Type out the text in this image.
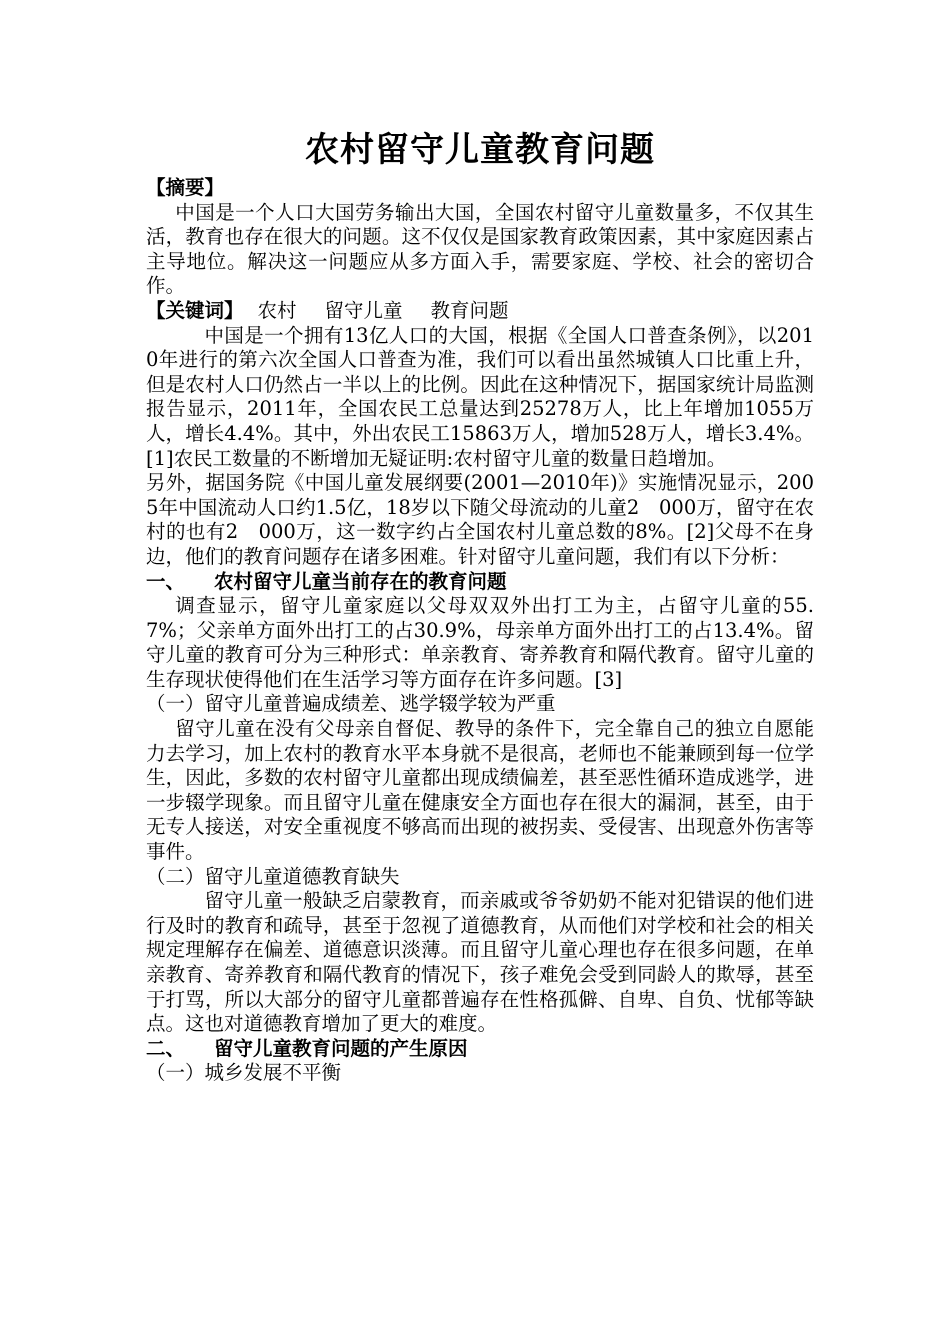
农村留守儿童教育问题

【摘要】

中国是一个人口大国劳务输出大国，全国农村留守儿童数量多，不仅其生活，教育也存在很大的问题。这不仅仅是国家教育政策因素，其中家庭因素占主导地位。解决这一问题应从多方面入手，需要家庭、学校、社会的密切合作。

【关键词】 农村 留守儿童 教育问题

中国是一个拥有13亿人口的大国，根据《全国人口普查条例》，以2010年进行的第六次全国人口普查为准，我们可以看出虽然城镇人口比重上升，但是农村人口仍然占一半以上的比例。因此在这种情况下，据国家统计局监测报告显示，2011年，全国农民工总量达到25278万人，比上年增加1055万人，增长4.4%。其中，外出农民工15863万人，增加528万人，增长3.4%。[1]农民工数量的不断增加无疑证明:农村留守儿童的数量日趋增加。

另外，据国务院《中国儿童发展纲要(2001—2010年)》实施情况显示，2005年中国流动人口约1.5亿，18岁以下随父母流动的儿童2　000万，留守在农村的也有2　000万，这一数字约占全国农村儿童总数的8%。[2]父母不在身边，他们的教育问题存在诸多困难。针对留守儿童问题，我们有以下分析：

一、 农村留守儿童当前存在的教育问题

调查显示，留守儿童家庭以父母双双外出打工为主，占留守儿童的55.7%；父亲单方面外出打工的占30.9%，母亲单方面外出打工的占13.4%。留守儿童的教育可分为三种形式：单亲教育、寄养教育和隔代教育。留守儿童的生存现状使得他们在生活学习等方面存在许多问题。[3]

（一）留守儿童普遍成绩差、逃学辍学较为严重

留守儿童在没有父母亲自督促、教导的条件下，完全靠自己的独立自愿能力去学习，加上农村的教育水平本身就不是很高，老师也不能兼顾到每一位学生，因此，多数的农村留守儿童都出现成绩偏差，甚至恶性循环造成逃学，进一步辍学现象。而且留守儿童在健康安全方面也存在很大的漏洞，甚至，由于无专人接送，对安全重视度不够高而出现的被拐卖、受侵害、出现意外伤害等事件。

（二）留守儿童道德教育缺失

留守儿童一般缺乏启蒙教育，而亲戚或爷爷奶奶不能对犯错误的他们进行及时的教育和疏导，甚至于忽视了道德教育，从而他们对学校和社会的相关规定理解存在偏差、道德意识淡薄。而且留守儿童心理也存在很多问题，在单亲教育、寄养教育和隔代教育的情况下，孩子难免会受到同龄人的欺辱，甚至于打骂，所以大部分的留守儿童都普遍存在性格孤僻、自卑、自负、忧郁等缺点。这也对道德教育增加了更大的难度。

二、 留守儿童教育问题的产生原因

（一）城乡发展不平衡
